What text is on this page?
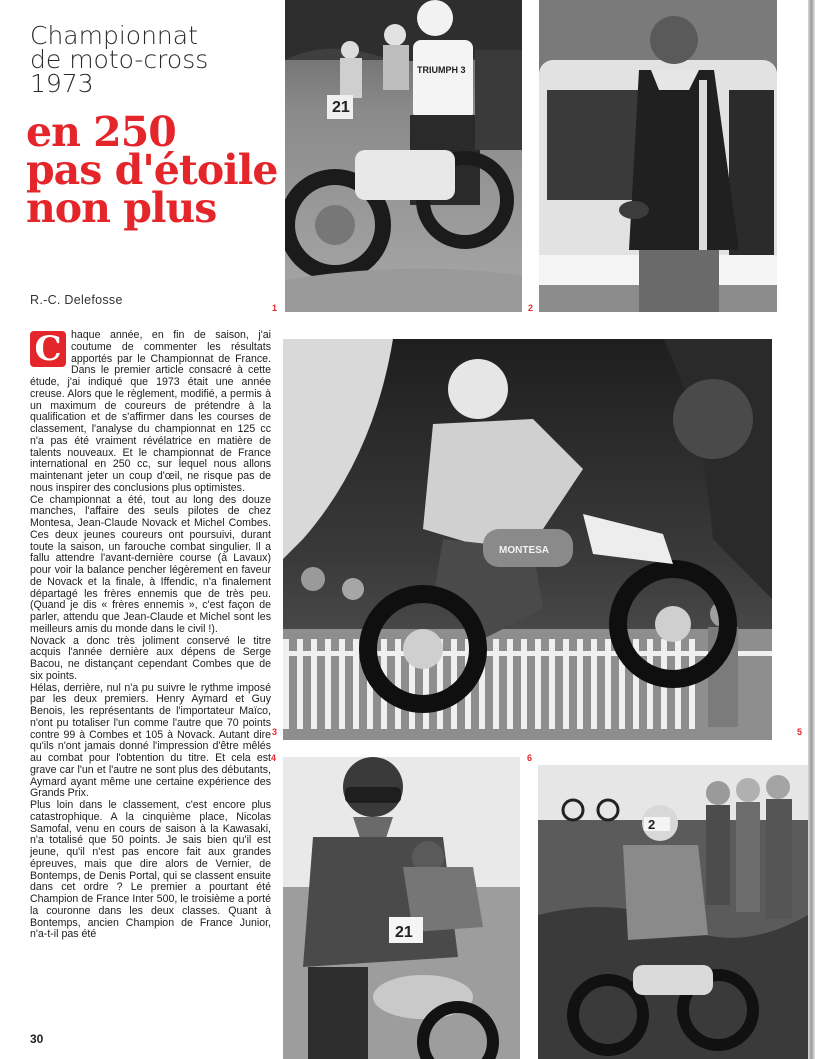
Championnat
de moto-cross
1973
en 250
pas d'étoile
non plus
R.-C. Delefosse

C haque année, en fin de saison, j'ai coutume de commenter les résultats apportés par le Championnat de France. Dans le premier article consacré à cette étude, j'ai indiqué que 1973 était une année creuse. Alors que le règlement, modifié, a permis à un maximum de coureurs de prétendre à la qualification et de s'affirmer dans les courses de classement, l'analyse du championnat en 125 cc n'a pas été vraiment révélatrice en matière de talents nouveaux. Et le championnat de France international en 250 cc, sur lequel nous allons maintenant jeter un coup d'œil, ne risque pas de nous inspirer des conclusions plus optimistes.

Ce championnat a été, tout au long des douze manches, l'affaire des seuls pilotes de chez Montesa, Jean-Claude Novack et Michel Combes. Ces deux jeunes coureurs ont poursuivi, durant toute la saison, un farouche combat singulier. Il a fallu attendre l'avant-dernière course (à Lavaux) pour voir la balance pencher légèrement en faveur de Novack et la finale, à Iffendic, n'a finalement départagé les frères ennemis que de très peu. (Quand je dis « frères ennemis », c'est façon de parler, attendu que Jean-Claude et Michel sont les meilleurs amis du monde dans le civil !).

Novack a donc très joliment conservé le titre acquis l'année dernière aux dépens de Serge Bacou, ne distançant cependant Combes que de six points.

Hélas, derrière, nul n'a pu suivre le rythme imposé par les deux premiers. Henry Aymard et Guy Benois, les représentants de l'importateur Maïco, n'ont pu totaliser l'un comme l'autre que 70 points contre 99 à Combes et 105 à Novack. Autant dire qu'ils n'ont jamais donné l'impression d'être mêlés au combat pour l'obtention du titre. Et cela est grave car l'un et l'autre ne sont plus des débutants, Aymard ayant même une certaine expérience des Grands Prix.

Plus loin dans le classement, c'est encore plus catastrophique. A la cinquième place, Nicolas Samofal, venu en cours de saison à la Kawasaki, n'a totalisé que 50 points. Je sais bien qu'il est jeune, qu'il n'est pas encore fait aux grandes épreuves, mais que dire alors de Vernier, de Bontemps, de Denis Portal, qui se classent ensuite dans cet ordre ? Le premier a pourtant été Champion de France Inter 500, le troisième a porté la couronne dans les deux classes. Quant à Bontemps, ancien Champion de France Junior, n'a-t-il pas été

30
21
TRIUMPH 3
1	2
MONTESA
3	5
21
4
2
6
